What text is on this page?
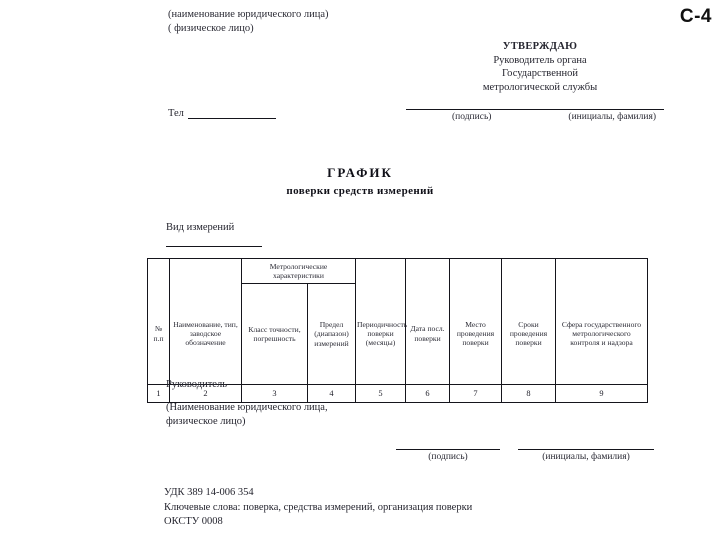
С-4
(наименование юридического лица)
( физическое лицо)
УТВЕРЖДАЮ
Руководитель органа
Государственной
метрологической службы
Тел	(подпись)	(инициалы, фамилия)
ГРАФИК
поверки средств измерений
Вид измерений

		Метрологические характеристики						

№ п.п	Наименование, тип, заводское обозначение	Класс точности, погрешность	Предел (диапазон) измерений	Периодичность поверки (месяцы)	Дата посл. поверки	Место проведения поверки	Сроки проведения поверки	Сфера государственного метрологического контроля и надзора
1	2	3	4	5	6	7	8	9
Руководитель
(Наименование юридического лица,
физическое лицо)
(подпись)	(инициалы, фамилия)
УДК 389 14-006 354
Ключевые слова: поверка, средства измерений, организация поверки
ОКСТУ 0008
